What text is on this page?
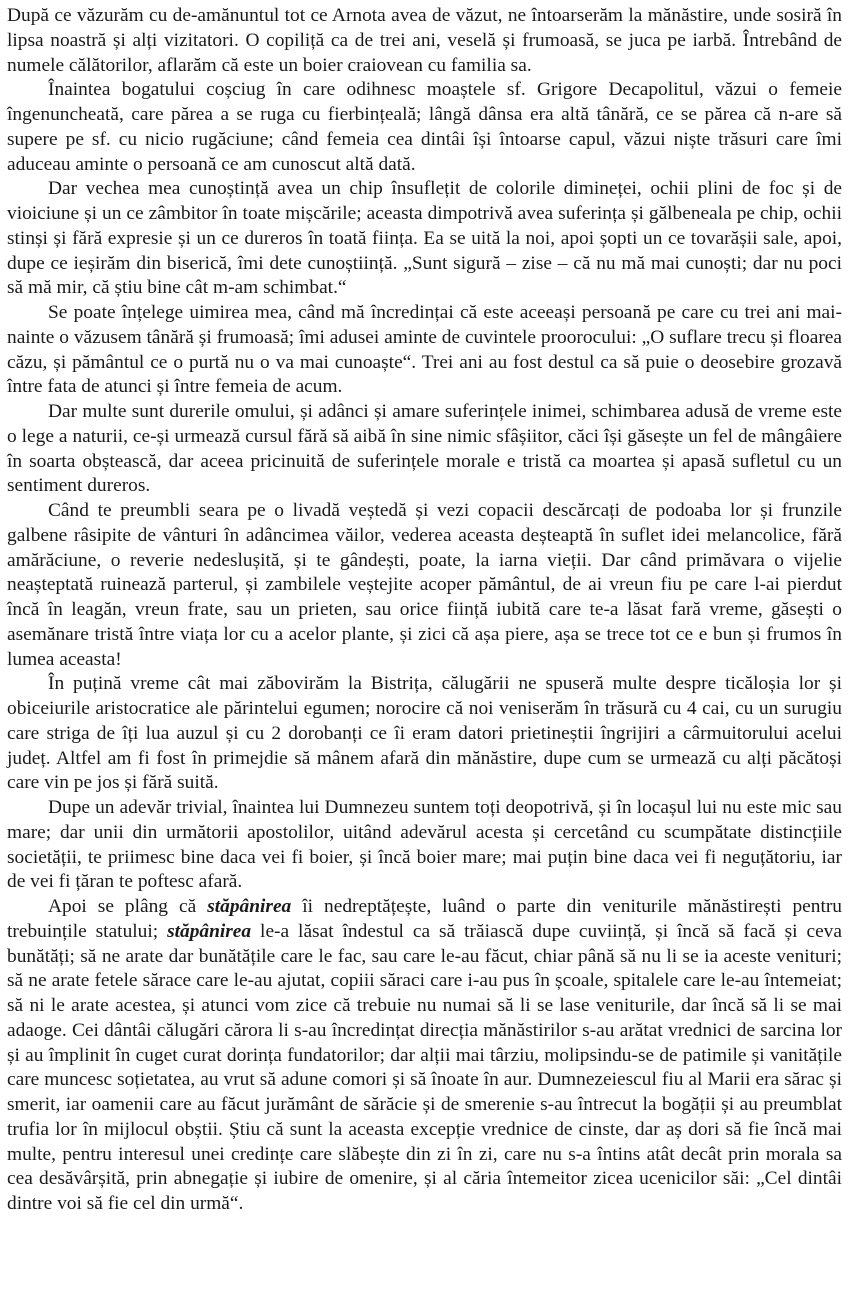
După ce văzurăm cu de-amănuntul tot ce Arnota avea de văzut, ne întoarserăm la mănăstire, unde sosiră în lipsa noastră și alți vizitatori. O copiliță ca de trei ani, veselă și frumoasă, se juca pe iarbă. Întrebând de numele călătorilor, aflarăm că este un boier craiovean cu familia sa.

Înaintea bogatului coșciug în care odihnesc moaștele sf. Grigore Decapolitul, văzui o femeie îngenuncheată, care părea a se ruga cu fierbințeală; lângă dânsa era altă tânără, ce se părea că n-are să supere pe sf. cu nicio rugăciune; când femeia cea dintâi își întoarse capul, văzui niște trăsuri care îmi aduceau aminte o persoană ce am cunoscut altă dată.

Dar vechea mea cunoștință avea un chip însuflețit de colorile dimineței, ochii plini de foc și de vioiciune și un ce zâmbitor în toate mișcările; aceasta dimpotrivă avea suferința și gălbeneala pe chip, ochii stinși și fără expresie și un ce dureros în toată ființa. Ea se uită la noi, apoi șopti un ce tovarășii sale, apoi, dupe ce ieșirăm din biserică, îmi dete cunoștiință. „Sunt sigură – zise – că nu mă mai cunoști; dar nu poci să mă mir, că știu bine cât m-am schimbat.“

Se poate înțelege uimirea mea, când mă încredințai că este aceeași persoană pe care cu trei ani mai-nainte o văzusem tânără și frumoasă; îmi adusei aminte de cuvintele proorocului: „O suflare trecu și floarea căzu, și pământul ce o purtă nu o va mai cunoaște“. Trei ani au fost destul ca să puie o deosebire grozavă între fata de atunci și între femeia de acum.

Dar multe sunt durerile omului, și adânci și amare suferințele inimei, schimbarea adusă de vreme este o lege a naturii, ce-și urmează cursul fără să aibă în sine nimic sfâșiitor, căci își găsește un fel de mângâiere în soarta obștească, dar aceea pricinuită de suferințele morale e tristă ca moartea și apasă sufletul cu un sentiment dureros.

Când te preumbli seara pe o livadă veștedă și vezi copacii descărcați de podoaba lor și frunzile galbene râsipite de vânturi în adâncimea văilor, vederea aceasta deșteaptă în suflet idei melancolice, fără amărăciune, o reverie nedeslușită, și te gândești, poate, la iarna vieții. Dar când primăvara o vijelie neașteptată ruinează parterul, și zambilele veștejite acoper pământul, de ai vreun fiu pe care l-ai pierdut încă în leagăn, vreun frate, sau un prieten, sau orice ființă iubită care te-a lăsat fară vreme, găsești o asemănare tristă între viața lor cu a acelor plante, și zici că așa piere, așa se trece tot ce e bun și frumos în lumea aceasta!

În puțină vreme cât mai zăbovirăm la Bistrița, călugării ne spuseră multe despre ticăloșia lor și obiceiurile aristocratice ale părintelui egumen; norocire că noi veniserăm în trăsură cu 4 cai, cu un surugiu care striga de îți lua auzul și cu 2 dorobanți ce îi eram datori prietineștii îngrijiri a cârmuitorului acelui județ. Altfel am fi fost în primejdie să mânem afară din mănăstire, dupe cum se urmează cu alți păcătoși care vin pe jos și fără suită.

Dupe un adevăr trivial, înaintea lui Dumnezeu suntem toți deopotrivă, și în locașul lui nu este mic sau mare; dar unii din următorii apostolilor, uitând adevărul acesta și cercetând cu scumpătate distincțiile societății, te priimesc bine daca vei fi boier, și încă boier mare; mai puțin bine daca vei fi neguțătoriu, iar de vei fi țăran te poftesc afară.

Apoi se plâng că stăpânirea îi nedreptățește, luând o parte din veniturile mănăstirești pentru trebuințile statului; stăpânirea le-a lăsat îndestul ca să trăiască dupe cuviință, și încă să facă și ceva bunătăți; să ne arate dar bunătățile care le fac, sau care le-au făcut, chiar până să nu li se ia aceste venituri; să ne arate fetele sărace care le-au ajutat, copiii săraci care i-au pus în școale, spitalele care le-au întemeiat; să ni le arate acestea, și atunci vom zice că trebuie nu numai să li se lase veniturile, dar încă să li se mai adaoge. Cei dântâi călugări cărora li s-au încredințat direcția mănăstirilor s-au arătat vrednici de sarcina lor și au împlinit în cuget curat dorința fundatorilor; dar alții mai târziu, molipsindu-se de patimile și vanitățile care muncesc soțietatea, au vrut să adune comori și să înoate în aur. Dumnezeiescul fiu al Marii era sărac și smerit, iar oamenii care au făcut jurământ de sărăcie și de smerenie s-au întrecut la bogății și au preumblat trufia lor în mijlocul obștii. Știu că sunt la aceasta excepție vrednice de cinste, dar aș dori să fie încă mai multe, pentru interesul unei credințe care slăbește din zi în zi, care nu s-a întins atât decât prin morala sa cea desăvârșită, prin abnegație și iubire de omenire, și al căria întemeitor zicea ucenicilor săi: „Cel dintâi dintre voi să fie cel din urmă“.
